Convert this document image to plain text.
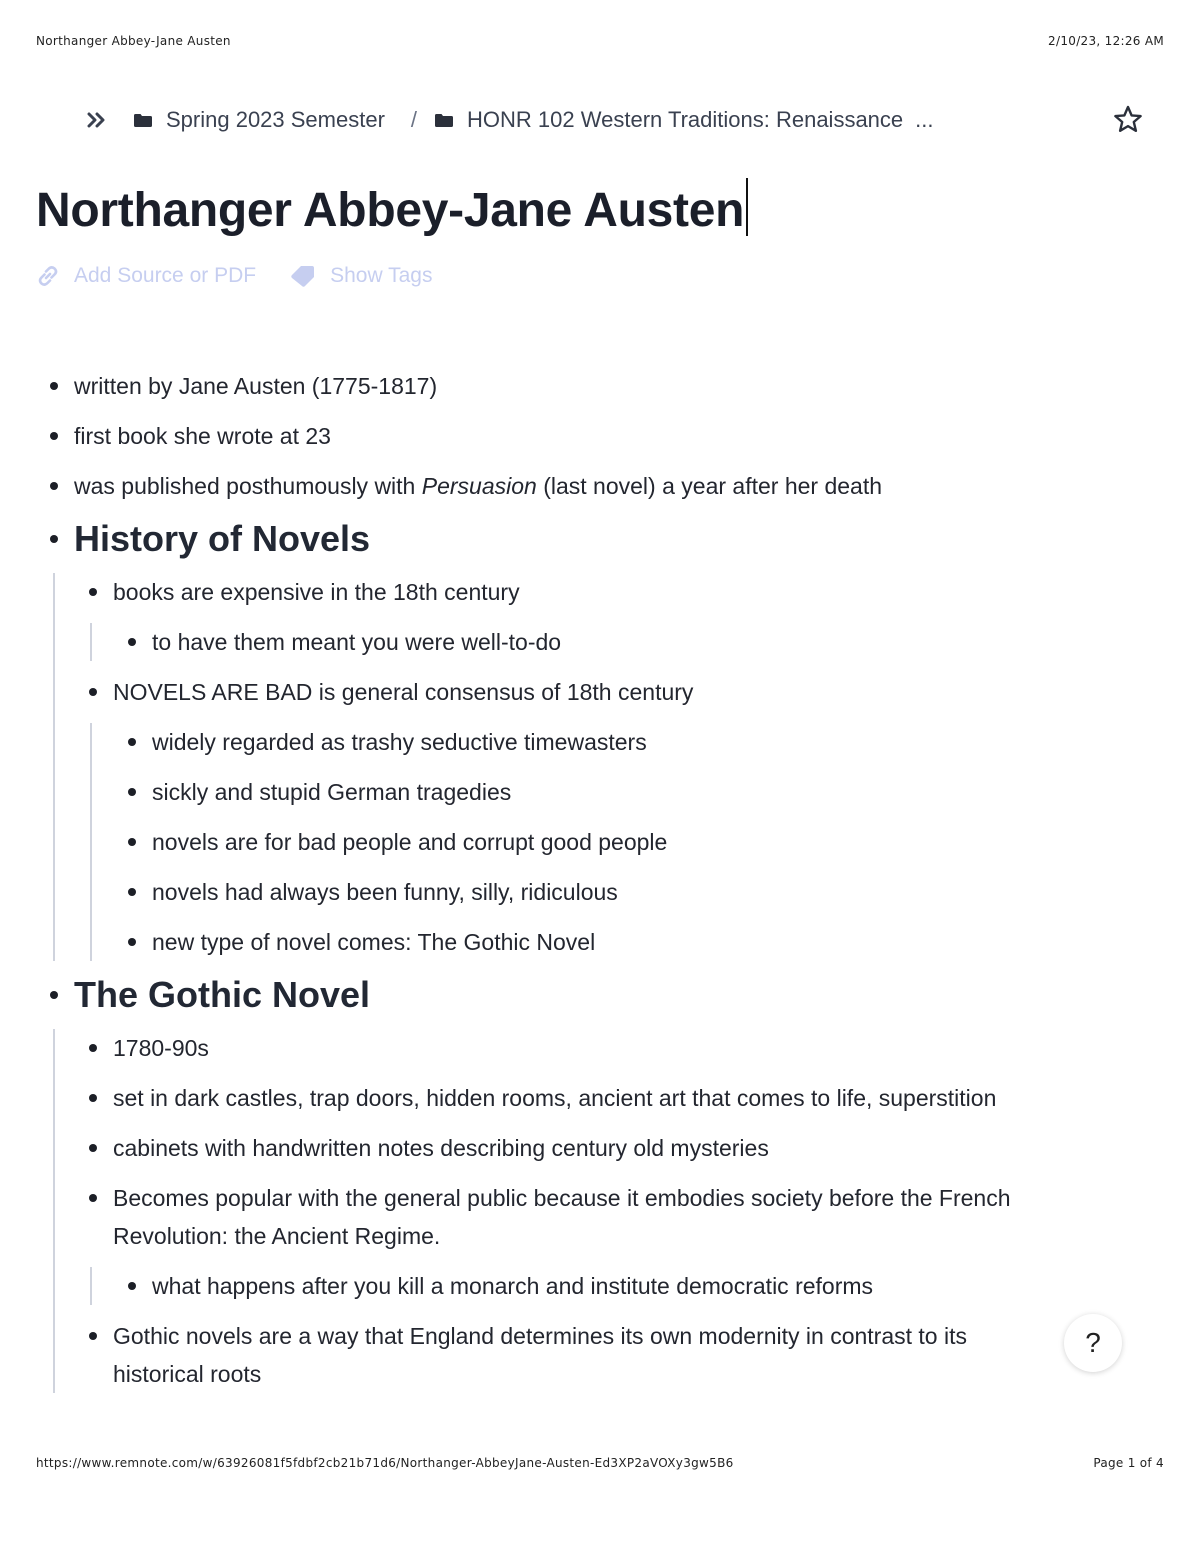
Northanger Abbey-Jane Austen	2/10/23, 12:26 AM
Spring 2023 Semester / HONR 102 Western Traditions: Renaissance ...
Northanger Abbey-Jane Austen
Add Source or PDF	Show Tags
written by Jane Austen (1775-1817)
first book she wrote at 23
was published posthumously with Persuasion (last novel) a year after her death
History of Novels
books are expensive in the 18th century
to have them meant you were well-to-do
NOVELS ARE BAD is general consensus of 18th century
widely regarded as trashy seductive timewasters
sickly and stupid German tragedies
novels are for bad people and corrupt good people
novels had always been funny, silly, ridiculous
new type of novel comes: The Gothic Novel
The Gothic Novel
1780-90s
set in dark castles, trap doors, hidden rooms, ancient art that comes to life, superstition
cabinets with handwritten notes describing century old mysteries
Becomes popular with the general public because it embodies society before the French Revolution: the Ancient Regime.
what happens after you kill a monarch and institute democratic reforms
Gothic novels are a way that England determines its own modernity in contrast to its historical roots
?
https://www.remnote.com/w/63926081f5fdbf2cb21b71d6/Northanger-AbbeyJane-Austen-Ed3XP2aVOXy3gw5B6	Page 1 of 4
